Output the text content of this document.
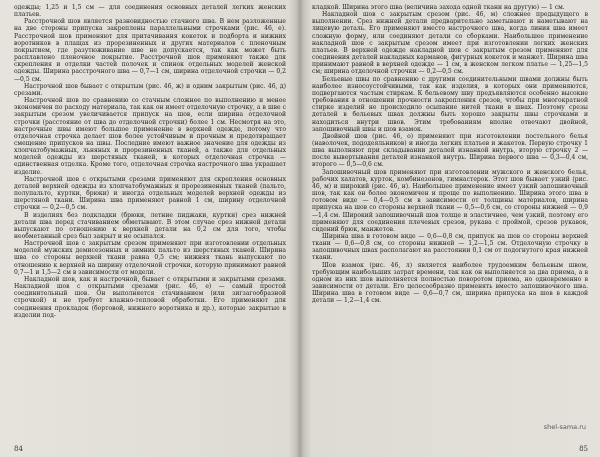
одежды; 1,25 и 1,5 см — для соединения основных деталей легких женских платьев.

Расстрочной шов является разновидностью стачного шва. В нем разложенные на две стороны припуска закреплены параллельными строчками (рис. 46, е). Расстрочной шов применяют для притачивания кокеток и подборта и нижних воротников в плащах из прорезиненных и других материалов с пленочным покрытием, где разутюживание шве не допускается, так как может быть расплавлено пленочное покрытие. Расстрочной шов применяют также для скрепления и отделки частей полочек и спинок отдельных моделей женской одежды. Ширина расстрочного шва — 0,7—1 см, ширина отделочной строчки — 0,2—0,5 см.

Настрочной шов бывает с открытым (рис. 46, ж) и одним закрытым (рис. 46, д) срезами.

Настрочной шов по сравнению со стачным сложнее по выполнению и менее экономичен по расходу материала, так как он имеет отделочную строчку, а в шве с закрытым срезом увеличивается припуск на шов, если ширина отделочной строчки (расстояние от шва до отделочной строчки) более 1 см. Несмотря на это, настрочные швы имеют большое применение в верхней одежде, потому что отделочная строчка делает шов более устойчивым и прочным и предотвращает смещение припусков на швы. Последние имеют важное значение для одежды из хлопчатобумажных, льняных и прорезиненных тканей, а также для отдельных моделей одежды из шерстяных тканей, в которых отделочная строчка — единственная отделка. Кроме того, отделочная строчка настрочного шва украшает изделие.

Настрочной шов с открытыми срезами применяют для скрепления основных деталей верхней одежды из хлопчатобумажных и прорезиненных тканей (пальто, полупальто, куртки, брюки) и иногда отдельных моделей верхней одежды из шерстяной ткани. Ширина шва применяют равной 1 см, ширину отделочной строчки — 0,2—0,5 см.

В изделиях без подкладки (брюки, летние пиджаки, куртки) срез нижней детали шва перед стачиванием обметывают. В этом случае срез нижней детали выпускают по отношению к верхней детали на 0,2 см для того, чтобы необметанный срез был закрыт и не осыпался.

Настрочной шов с закрытым срезом применяют при изготовлении отдельных моделей мужских демисезонных и зимних пальто из шерстяных тканей. Ширина шва со стороны верхней ткани равна 0,5 см; нижняя ткань выпускают по отношению к верхней на ширину отделочной строчки, которую принимают равной 0,7—1 и 1,5—2 см в зависимости от модели.

Накладной шов, как и настрочной, бывает с открытыми и закрытыми срезами. Накладной шов с открытыми срезами (рис. 46, е) — самый простой соединительный шов. Он выполняется стачиванием (или зигзагообразной строчкой) и не требует влажно-тепловой обработки. Его применяют для соединения прокладок (бортовой, нижнего воротника и др.), которые закрытые в изделии под-

84

кладкой. Ширина этого шва (величина захода одной ткани на другую) — 1 см.

Накладной шов с закрытым срезом (рис. 46, м) сложнее предыдущего в выполнении. Срез нижней детали предварительно заметывают и наметывают на лицевую деталь. Его применяют вместо настрочного шва, когда линия шва имеет сложную форму, или соединяют детали со сборками. Наибольшее применение накладной шов с закрытым срезом имеет при изготовлении легких женских платьев. В верхней одежде накладной шов с закрытым срезом применяют для соединения деталей накладных карманов, фигурных кокеток и манжет. Ширина шва принимают равной в верхней одежде — 1 см, в женском легком платье — 1,25—1,5 см; ширина отделочной строчки — 0,2—0,5 см.

Бельевые швы по сравнению с другими соединительными швами должны быть наиболее износоустойчивыми, так как изделия, в которых они применяются, подвергаются частым стиркам. К бельевому шву предъявляются особенно высокие требования в отношении прочности закрепления срезов, чтобы при многократной стирке изделий не происходило осыпание нитей ткани в швах. Поэтому срезы деталей в бельевых швах должны быть хорошо закрыты швы строчками и находиться внутри швов. Этим требованиям вполне отвечают двойной, запошивочный швы и шов взамок.

Двойной шов (рис. 46, о) применяют при изготовлении постельного белья (наволочек, пододеяльников) и иногда легких платьев и жакетов. Первую строчку 1 шва выполняют при складывании деталей изнанкой внутрь, вторую строчку 2 — после вывертывания деталей изнанкой внутрь. Ширина первого шва — 0,3—0,4 см, второго — 0,5—0,6 см.

Запошивочный шов применяют при изготовлении мужского и женского белья, рабочих халатов, курток, комбинезонов, гимнастерок. Этот шов бывает узкий (рис. 46, м) и широкий (рис. 46, н). Наибольшее применение имеет узкий запошивочный шов, так как он более экономичен и проще по выполнению. Ширина этого шва в готовом виде — 0,4—0,5 см в зависимости от толщины материалов, ширина припуска на шов со стороны верхней ткани — 0,5—0,6 см, со стороны нижней — 0,9—1,4 см. Широкий запошивочный шов толще и эластичнее, чем узкий, поэтому его применяют для соединения плечевых срезов, рукава с проймой, срезов рукавов, сидений брюк, манжетов.

Ширина шва в готовом виде — 0,6—0,8 см, припуск на шов со стороны верхней ткани — 0,6—0,8 см, со стороны нижней — 1,2—1,5 см. Отделочную строчку в запошивочных швах располагают на расстоянии 0,1 см от подогнутого края нижней ткани.

Шов взамок (рис. 46, л) является наиболее трудоемким бельевым швом, требующим наибольших затрат времени, так как он выполняется за два приема, а в одном из них шов выполняется полностью поворотом приема, но одновременно в зависимости от детали. Его целесообразно применять вместо запошивочного шва. Ширина шва в готовом виде — 0,6—0,7 см, ширина припуска на шов в каждой детали — 1,2—1,4 см.

shel-sama.ru
85
